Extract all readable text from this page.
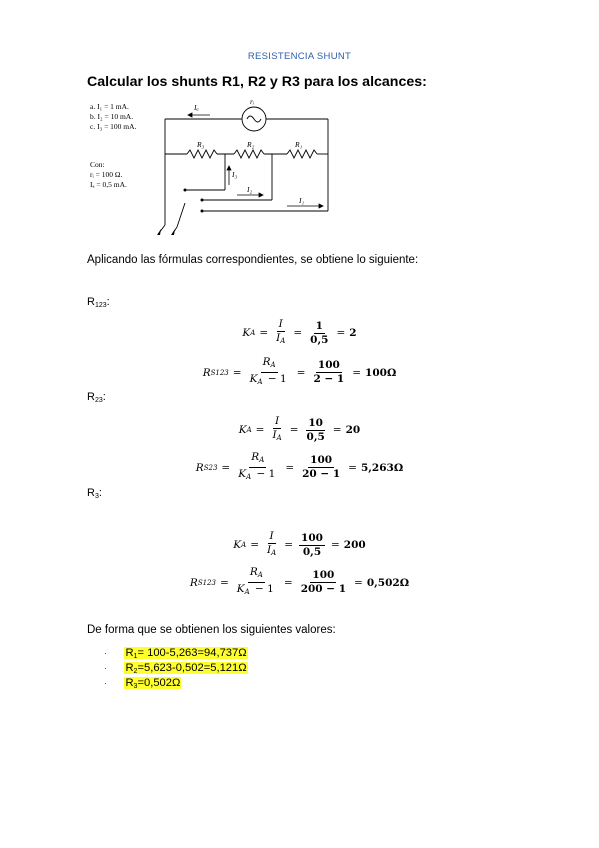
RESISTENCIA SHUNT
Calcular los shunts R1, R2 y R3 para los alcances:
a. I₁ = 1 mA.
b. I₂ = 10 mA.
c. I₃ = 100 mA.
Con:
rᵢ = 100 Ω.
Iₐ = 0,5 mA.
Iₐ
rᵢ
R₃	R₂	R₁
I₃
I₂
I₁
Aplicando las fórmulas correspondientes, se obtiene lo siguiente:
$R_{123}$:
K $A = \frac{I}{I_A} = \frac{1}{0,5} = 2$
R $S123 = \frac{R_A}{K_A - 1} = \frac{100}{2 - 1} = 100\Omega$
$R_{23}$:
K $A = \frac{I}{I_A} = \frac{10}{0,5} = 20$
R $S23 = \frac{R_A}{K_A - 1} = \frac{100}{20 - 1} = 5,263\Omega$
$R_3$:
K $A = \frac{I}{I_A} = \frac{100}{0,5} = 200$
R $S123 = \frac{R_A}{K_A - 1} = \frac{100}{200 - 1} = 0,502\Omega$
De forma que se obtienen los siguientes valores:
· $R_1= 100-5,263=94,737\Omega$
· $R_2=5,623-0,502=5,121\Omega$
· $R_3=0,502\Omega$
